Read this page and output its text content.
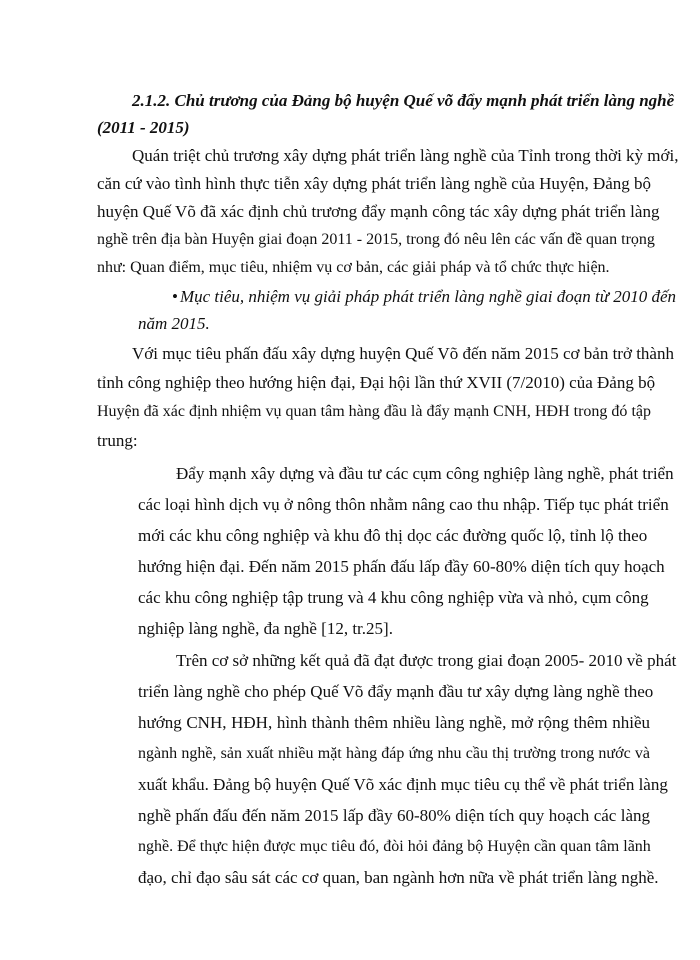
2.1.2. Chủ trương của Đảng bộ huyện Quế võ đẩy mạnh phát triển làng nghề
(2011 - 2015)
Quán triệt chủ trương xây dựng phát triển làng nghề của Tỉnh trong thời kỳ mới,
căn cứ vào tình hình thực tiễn xây dựng phát triển làng nghề của Huyện, Đảng bộ
huyện Quế Võ đã xác định chủ trương đẩy mạnh công tác xây dựng phát triển làng
nghề trên địa bàn Huyện giai đoạn 2011 - 2015, trong đó nêu lên các vấn đề quan trọng
như: Quan điểm, mục tiêu, nhiệm vụ cơ bản, các giải pháp và tổ chức thực hiện.
• Mục tiêu, nhiệm vụ giải pháp phát triển làng nghề giai đoạn từ 2010 đến
năm 2015.
Với mục tiêu phấn đấu xây dựng huyện Quế Võ đến năm 2015 cơ bản trở thành
tỉnh công nghiệp theo hướng hiện đại, Đại hội lần thứ XVII (7/2010) của Đảng bộ
Huyện đã xác định nhiệm vụ quan tâm hàng đầu là đẩy mạnh CNH, HĐH trong đó tập
trung:
Đẩy mạnh xây dựng và đầu tư các cụm công nghiệp làng nghề, phát triển
các loại hình dịch vụ ở nông thôn nhằm nâng cao thu nhập. Tiếp tục phát triển
mới các khu công nghiệp và khu đô thị dọc các đường quốc lộ, tỉnh lộ theo
hướng hiện đại. Đến năm 2015 phấn đấu lấp đầy 60-80% diện tích quy hoạch
các khu công nghiệp tập trung và 4 khu công nghiệp vừa và nhỏ, cụm công
nghiệp làng nghề, đa nghề [12, tr.25].
Trên cơ sở những kết quả đã đạt được trong giai đoạn 2005- 2010 về phát
triển làng nghề cho phép Quế Võ đẩy mạnh đầu tư xây dựng làng nghề theo
hướng CNH, HĐH, hình thành thêm nhiều làng nghề, mở rộng thêm nhiều
ngành nghề, sản xuất nhiều mặt hàng đáp ứng nhu cầu thị trường trong nước và
xuất khẩu. Đảng bộ huyện Quế Võ xác định mục tiêu cụ thể về phát triển làng
nghề phấn đấu đến năm 2015 lấp đầy 60-80% diện tích quy hoạch các làng
nghề. Để thực hiện được mục tiêu đó, đòi hỏi đảng bộ Huyện cần quan tâm lãnh
đạo, chỉ đạo sâu sát các cơ quan, ban ngành hơn nữa về phát triển làng nghề.
